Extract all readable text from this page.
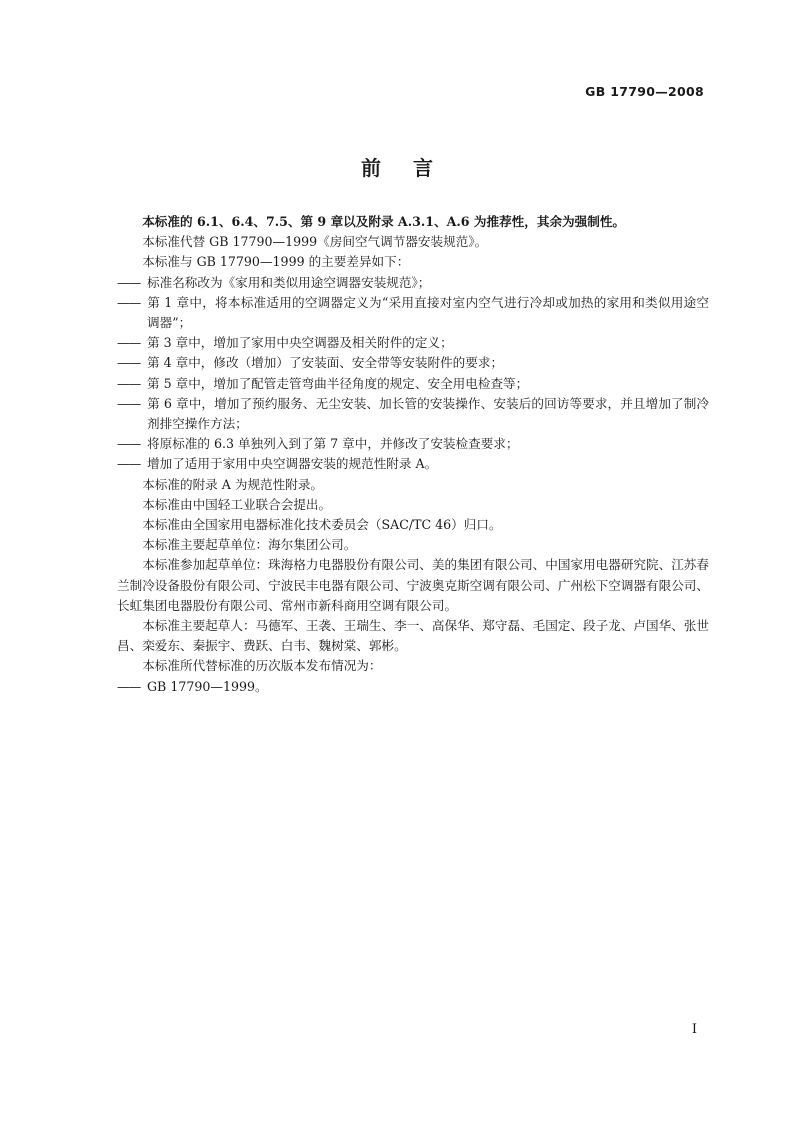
GB 17790—2008
前言

本标准的 6.1、6.4、7.5、第 9 章以及附录 A.3.1、A.6 为推荐性，其余为强制性。

本标准代替 GB 17790—1999《房间空气调节器安装规范》。

本标准与 GB 17790—1999 的主要差异如下：

—— 标准名称改为《家用和类似用途空调器安装规范》；

—— 第 1 章中，将本标准适用的空调器定义为“采用直接对室内空气进行冷却或加热的家用和类似用途空调器”；

—— 第 3 章中，增加了家用中央空调器及相关附件的定义；

—— 第 4 章中，修改（增加）了安装面、安全带等安装附件的要求；

—— 第 5 章中，增加了配管走管弯曲半径角度的规定、安全用电检查等；

—— 第 6 章中，增加了预约服务、无尘安装、加长管的安装操作、安装后的回访等要求，并且增加了制冷剂排空操作方法；

—— 将原标准的 6.3 单独列入到了第 7 章中，并修改了安装检查要求；

—— 增加了适用于家用中央空调器安装的规范性附录 A。

本标准的附录 A 为规范性附录。

本标准由中国轻工业联合会提出。

本标准由全国家用电器标准化技术委员会（SAC/TC 46）归口。

本标准主要起草单位：海尔集团公司。

本标准参加起草单位：珠海格力电器股份有限公司、美的集团有限公司、中国家用电器研究院、江苏春兰制冷设备股份有限公司、宁波民丰电器有限公司、宁波奥克斯空调有限公司、广州松下空调器有限公司、长虹集团电器股份有限公司、常州市新科商用空调有限公司。

本标准主要起草人：马德军、王袭、王瑞生、李一、高保华、郑守磊、毛国定、段子龙、卢国华、张世昌、栾爱东、秦振宇、费跃、白韦、魏树棠、郭彬。

本标准所代替标准的历次版本发布情况为：

—— GB 17790—1999。

I
